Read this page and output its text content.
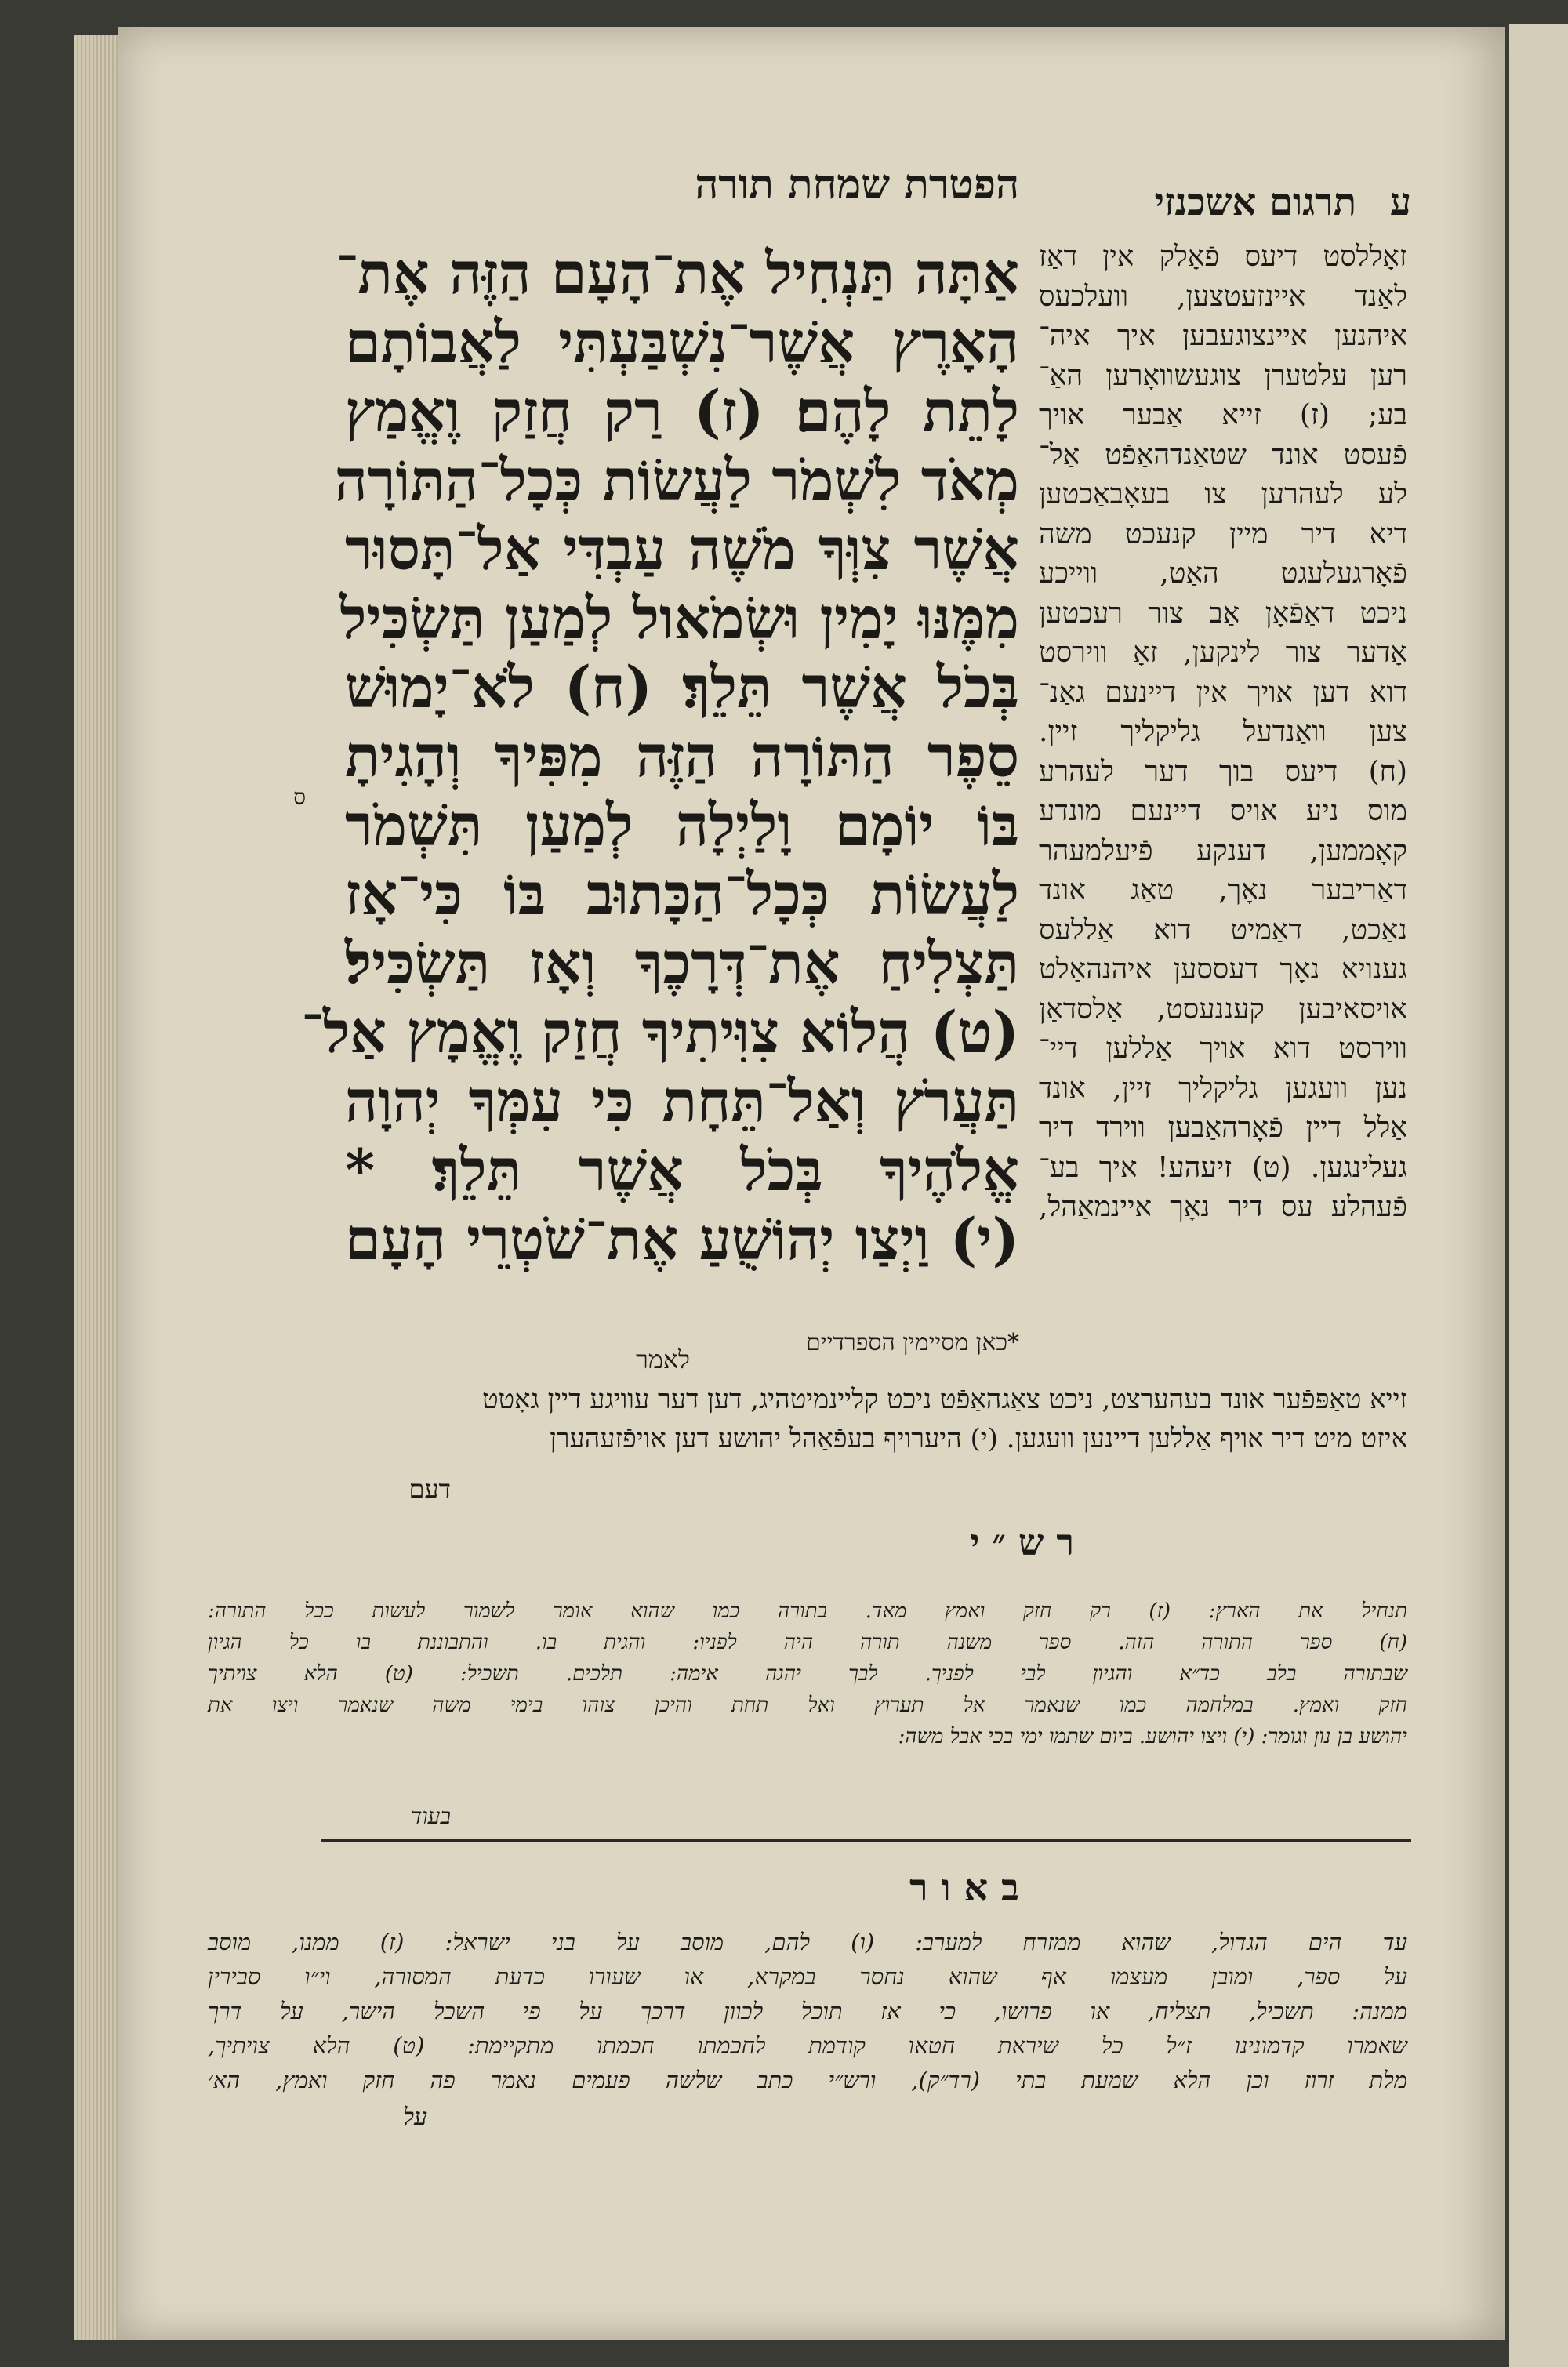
הפטרת שמחת תורה	תרגום אשכנזי ע
אַתָּה תַּנְחִיל אֶת־הָעָם הַזֶּה אֶת־
הָאָרֶץ אֲשֶׁר־נִשְׁבַּעְתִּי לַאֲבוֹתָם
לָתֵת לָהֶם׃ (ז) רַק חֲזַק וֶאֱמַץ
מְאֹד לִשְׁמֹר לַעֲשׂוֹת כְּכָל־הַתּוֹרָה
אֲשֶׁר צִוְּךָ מֹשֶׁה עַבְדִּי אַל־תָּסוּר
מִמֶּנּוּ יָמִין וּשְׂמֹאול לְמַעַן תַּשְׂכִּיל
בְּכֹל אֲשֶׁר תֵּלֵךְ׃ (ח) לֹא־יָמוּשׁ
סֵפֶר הַתּוֹרָה הַזֶּה מִפִּיךָ וְהָגִיתָ
בּוֹ יוֹמָם וָלַיְלָה לְמַעַן תִּשְׁמֹר
לַעֲשׂוֹת כְּכָל־הַכָּתוּב בּוֹ כִּי־אָז
תַּצְלִיחַ אֶת־דְּרָכֶךָ וְאָז תַּשְׂכִּיל׃
(ט) הֲלוֹא צִוִּיתִיךָ חֲזַק וֶאֱמָץ אַל־
תַּעֲרֹץ וְאַל־תֵּחָת כִּי עִמְּךָ יְהוָה
אֱלֹהֶיךָ בְּכֹל אֲשֶׁר תֵּלֵךְ׃ *
(י) וַיְצַו יְהוֹשֻׁעַ אֶת־שֹׁטְרֵי הָעָם
*כאן מסיימין הספרדיים
לאמר
ס
זאָללסט דיעס פֿאָלק אין דאַז
לאַנד איינזעטצען, וועלכעס
איהנען איינצוגעבען איך איה־
רען עלטערן צוגעשוואָרען האַ־
בע; (ז) זייא אַבער אויך
פֿעסט אונד שטאַנדהאַפֿט אַל־
לע לעהרען צו בעאָבאַכטען
דיא דיר מיין קנעכט משה
פֿאָרגעלעגט האַט, ווייכע
ניכט דאַפֿאָן אַב צור רעכטען
אָדער צור לינקען, זאָ ווירסט
דוא דען אויך אין דיינעם גאַנ־
צען וואַנדעל גליקליך זיין.
(ח) דיעס בוך דער לעהרע
מוס ניע אויס דיינעם מונדע
קאָממען, דענקע פֿיעלמעהר
דאַריבער נאָך, טאַג אונד
נאַכט, דאַמיט דוא אַללעס
גענויא נאָך דעססען איהנהאַלט
אויסאיבען קעננעסט, אַלסדאַן
ווירסט דוא אויך אַללען דיי־
נען וועגען גליקליך זיין, אונד
אַלל דיין פֿאָרהאַבען ווירד דיר
געלינגען. (ט) זיעהע! איך בע־
פֿעהלע עס דיר נאָך איינמאַהל,
זייא טאַפּפֿער אונד בעהערצט, ניכט צאַגהאַפֿט ניכט קליינמיטהיג, דען דער עוויגע דיין גאָטט
איזט מיט דיר אויף אַללען דיינען וועגען. (י) היערויף בעפֿאַהל יהושע דען אויפֿזעהערן
דעם
ר ש ״ י
תנחיל את הארץ: (ז) רק חזק ואמץ מאד. בתורה כמו שהוא אומר לשמור לעשות ככל התורה:
(ח) ספר התורה הזה. ספר משנה תורה היה לפניו: והגית בו. והתבוננת בו כל הגיון
שבתורה בלב כד״א והגיון לבי לפניך. לבך יהגה אימה: תלכים. תשכיל: (ט) הלא צויתיך
חזק ואמץ. במלחמה כמו שנאמר אל תערוץ ואל תחת והיכן צוהו בימי משה שנאמר ויצו את
יהושע בן נון וגומר: (י) ויצו יהושע. ביום שתמו ימי בכי אבל משה:
בעוד
ב א ו ר
עד הים הגדול, שהוא ממזרח למערב: (ו) להם, מוסב על בני ישראל: (ז) ממנו, מוסב
על ספר, ומובן מעצמו אף שהוא נחסר במקרא, או שעורו כדעת המסורה, וי״ו סבירין
ממנה: תשכיל, תצליח, או פרושו, כי אז תוכל לכוון דרכך על פי השכל הישר, על דרך
שאמרו קדמונינו ז״ל כל שיראת חטאו קודמת לחכמתו חכמתו מתקיימת: (ט) הלא צויתיך,
מלת זרוז וכן הלא שמעת בתי (רד״ק), ורש״י כתב שלשה פעמים נאמר פה חזק ואמץ, הא׳
על
